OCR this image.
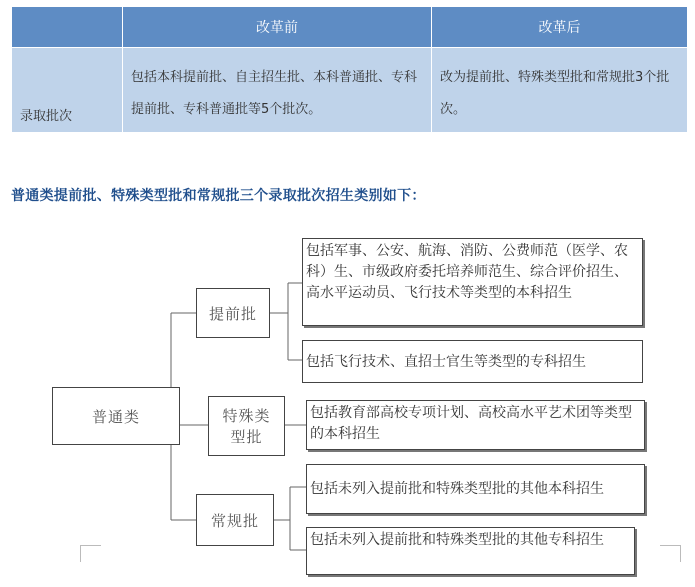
	改革前	改革后
录取批次	包括本科提前批、自主招生批、本科普通批、专科提前批、专科普通批等5个批次。	改为提前批、特殊类型批和常规批3个批次。
普通类提前批、特殊类型批和常规批三个录取批次招生类别如下：
普通类
提前批
特殊类型批
常规批
包括军事、公安、航海、消防、公费师范（医学、农科）生、市级政府委托培养师范生、综合评价招生、高水平运动员、飞行技术等类型的本科招生
包括飞行技术、直招士官生等类型的专科招生
包括教育部高校专项计划、高校高水平艺术团等类型的本科招生
包括未列入提前批和特殊类型批的其他本科招生
包括未列入提前批和特殊类型批的其他专科招生
